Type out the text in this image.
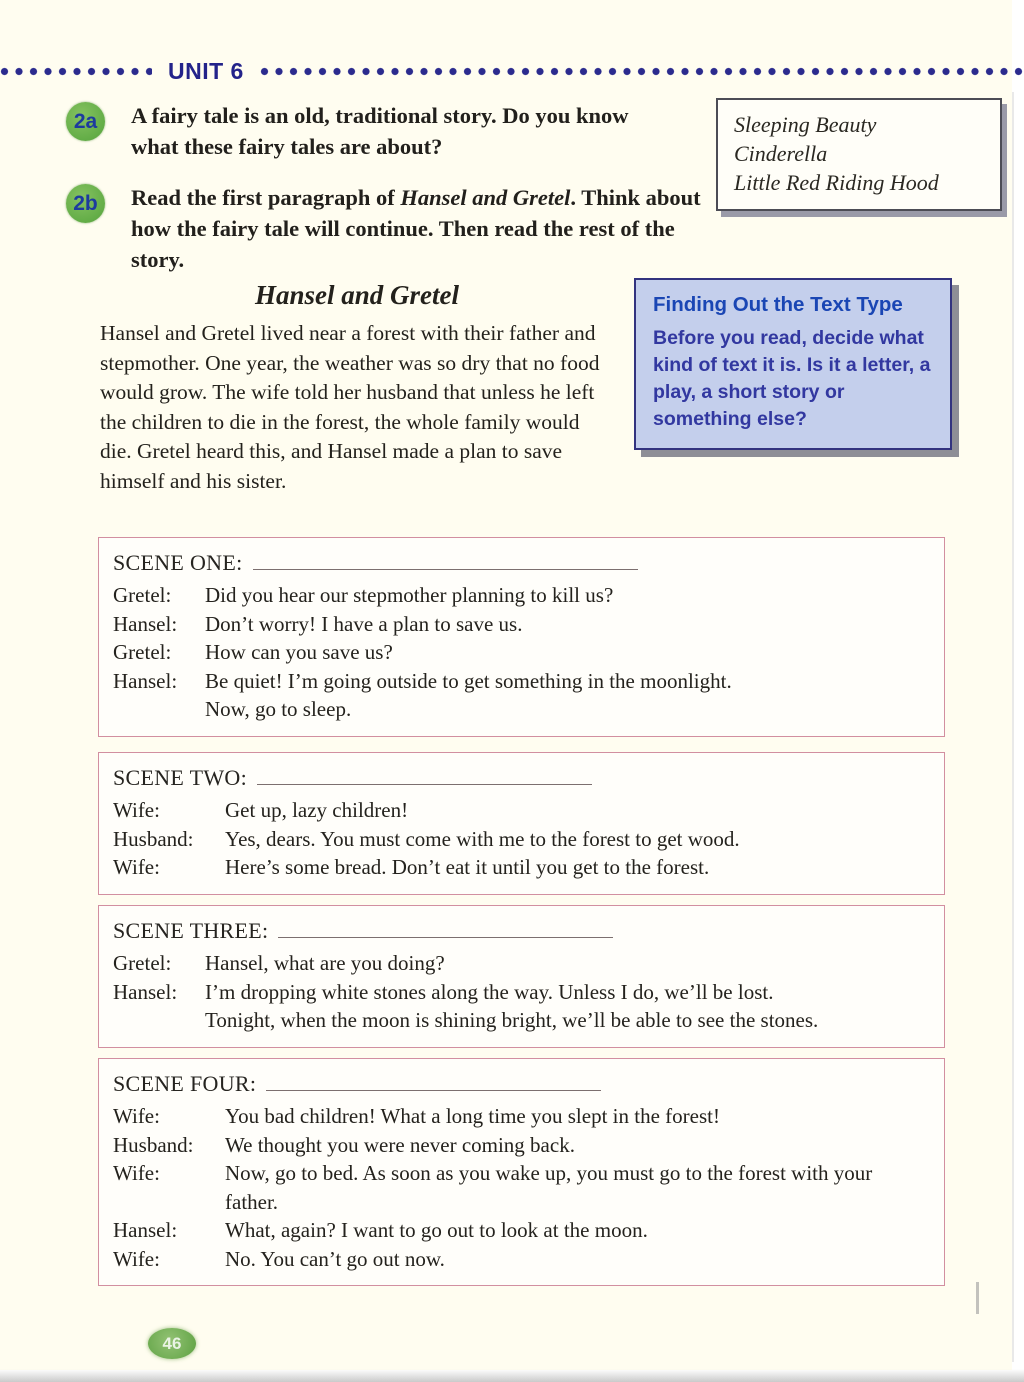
UNIT 6
2a	A fairy tale is an old, traditional story. Do you know what these fairy tales are about?
Sleeping Beauty
Cinderella
Little Red Riding Hood
2b	Read the first paragraph of Hansel and Gretel. Think about how the fairy tale will continue. Then read the rest of the story.
Finding Out the Text Type
Before you read, decide what kind of text it is. Is it a letter, a play, a short story or something else?
Hansel and Gretel
Hansel and Gretel lived near a forest with their father and stepmother. One year, the weather was so dry that no food would grow. The wife told her husband that unless he left the children to die in the forest, the whole family would die. Gretel heard this, and Hansel made a plan to save himself and his sister.
SCENE ONE:
Gretel:	Did you hear our stepmother planning to kill us?
Hansel:	Don’t worry! I have a plan to save us.
Gretel:	How can you save us?
Hansel:	Be quiet! I’m going outside to get something in the moonlight.
Now, go to sleep.
SCENE TWO:
Wife:	Get up, lazy children!
Husband:	Yes, dears. You must come with me to the forest to get wood.
Wife:	Here’s some bread. Don’t eat it until you get to the forest.
SCENE THREE:
Gretel:	Hansel, what are you doing?
Hansel:	I’m dropping white stones along the way. Unless I do, we’ll be lost.
Tonight, when the moon is shining bright, we’ll be able to see the stones.
SCENE FOUR:
Wife:	You bad children! What a long time you slept in the forest!
Husband:	We thought you were never coming back.
Wife:	Now, go to bed. As soon as you wake up, you must go to the forest with your father.
Hansel:	What, again? I want to go out to look at the moon.
Wife:	No. You can’t go out now.
46
